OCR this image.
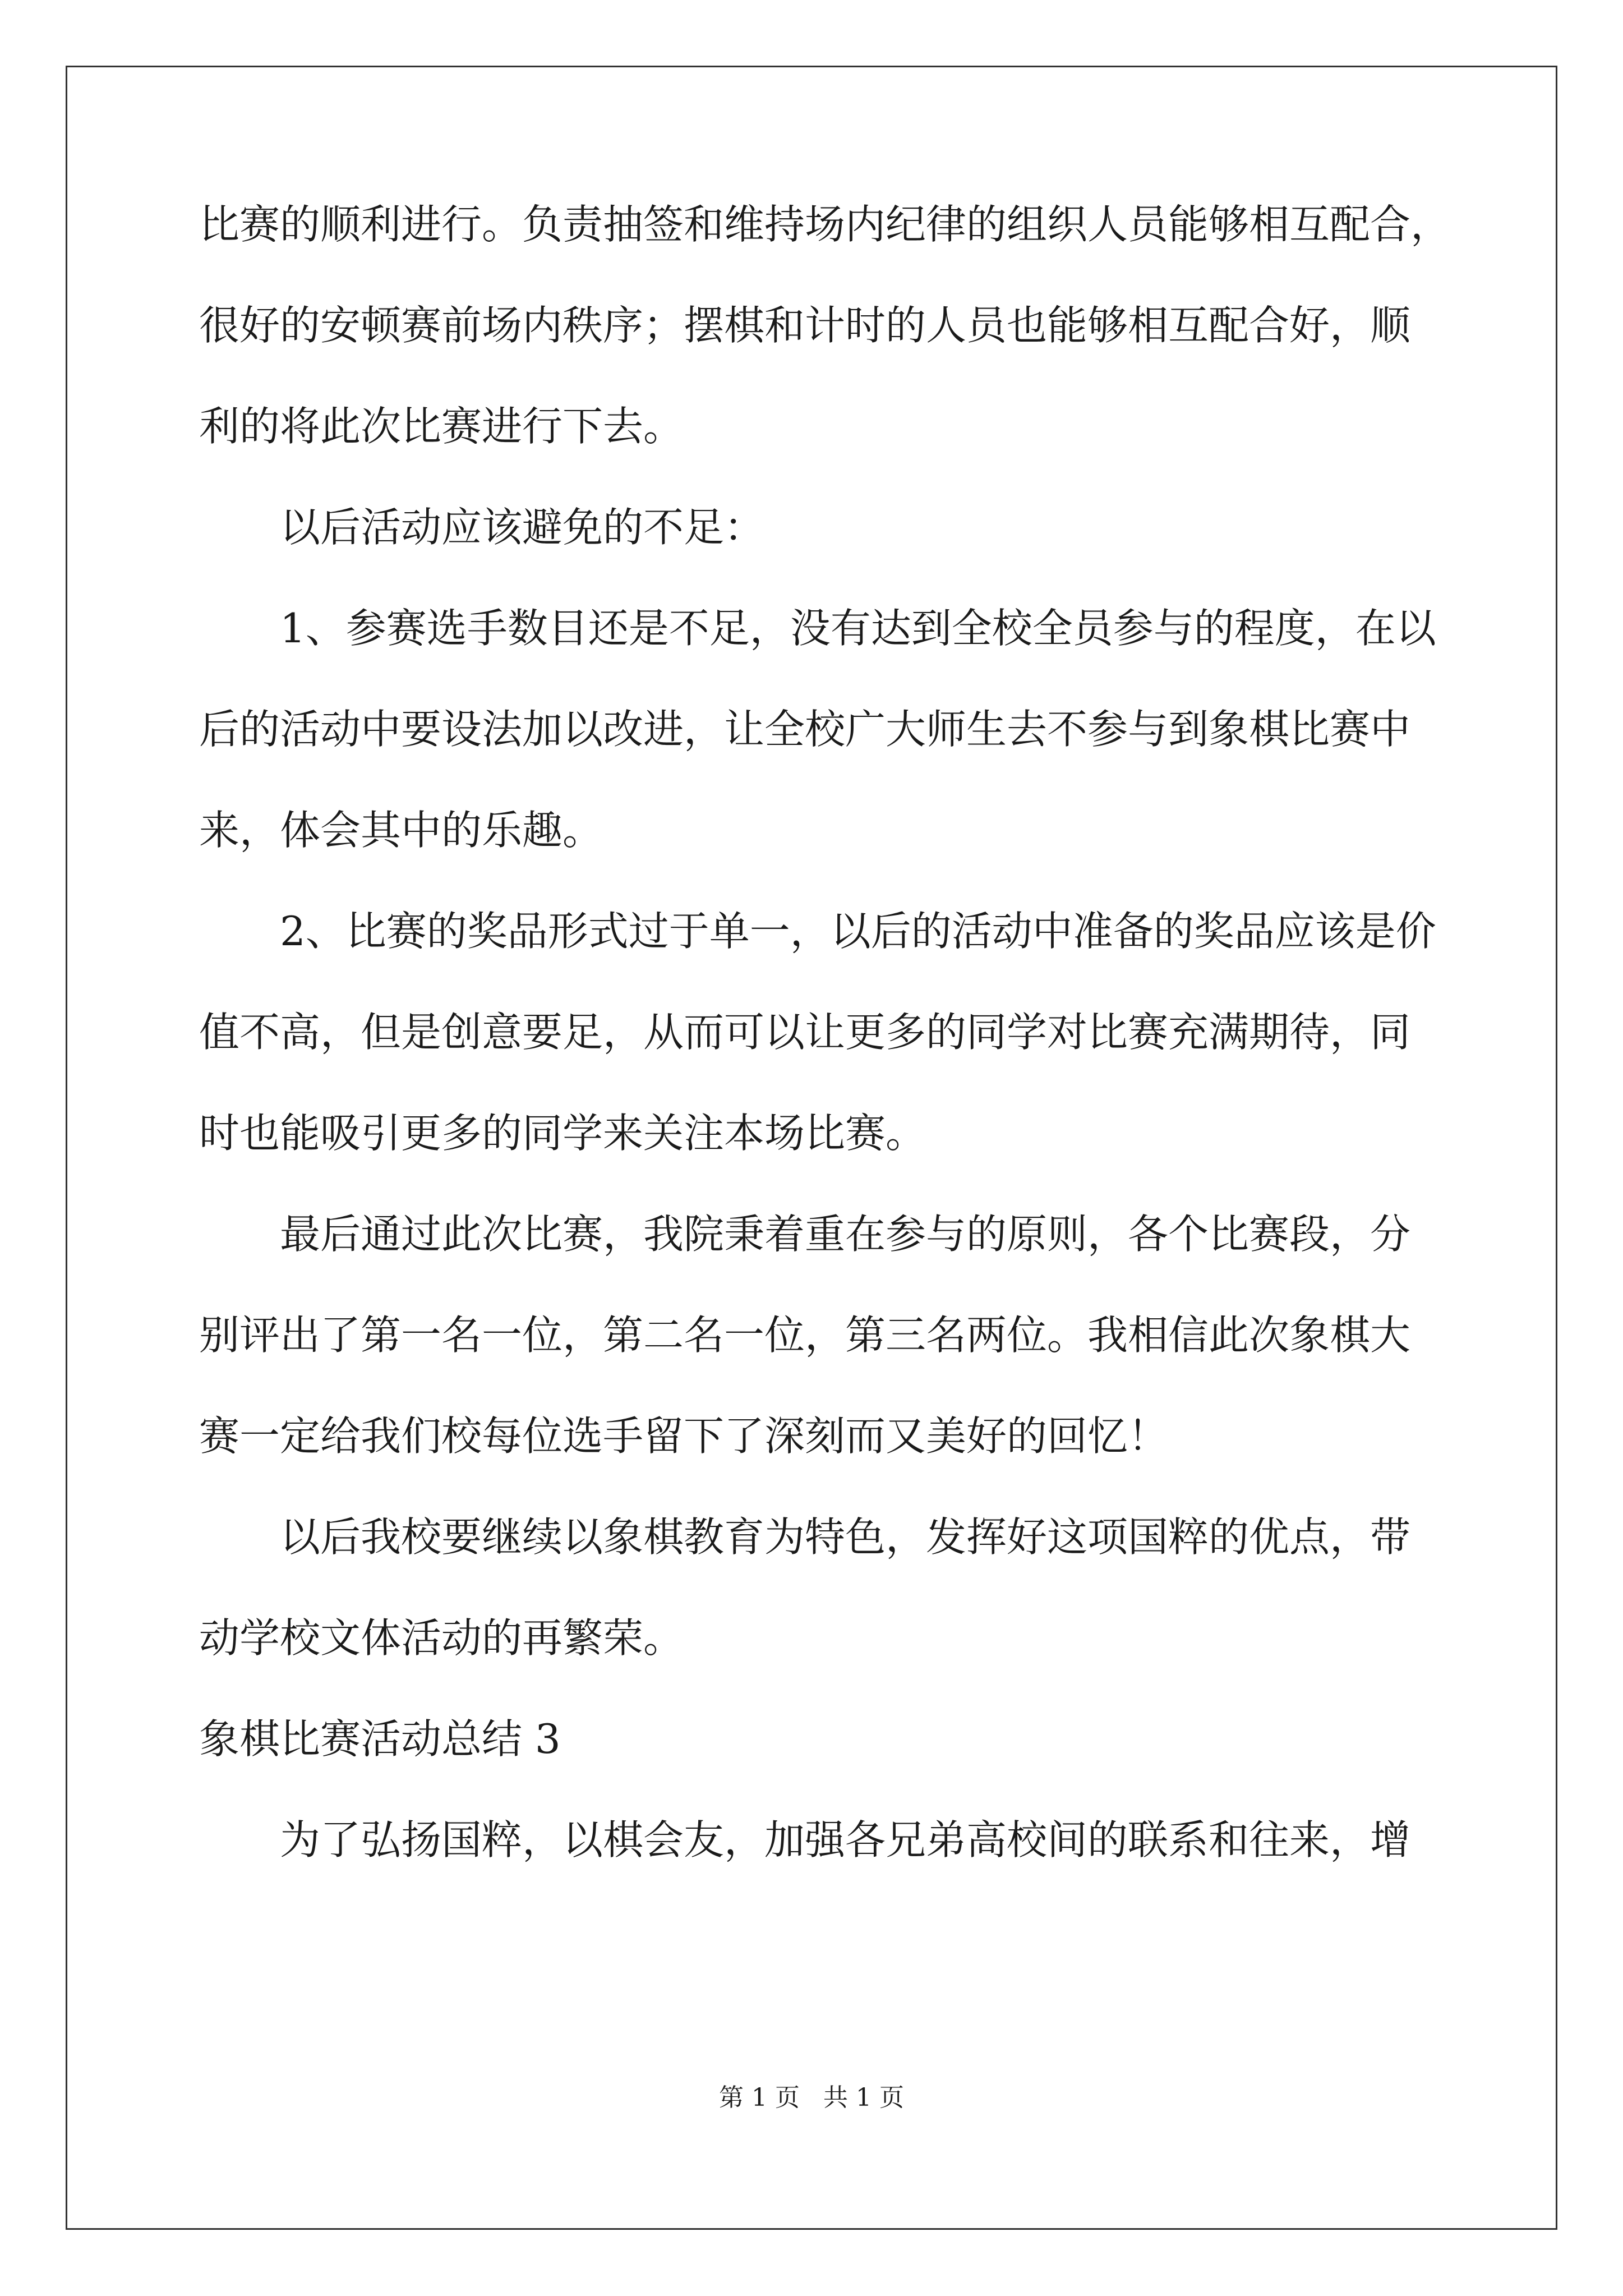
比赛的顺利进行。负责抽签和维持场内纪律的组织人员能够相互配合，
很好的安顿赛前场内秩序；摆棋和计时的人员也能够相互配合好，顺
利的将此次比赛进行下去。
以后活动应该避免的不足：
1、参赛选手数目还是不足，没有达到全校全员参与的程度，在以
后的活动中要设法加以改进，让全校广大师生去不参与到象棋比赛中
来，体会其中的乐趣。
2、比赛的奖品形式过于单一，以后的活动中准备的奖品应该是价
值不高，但是创意要足，从而可以让更多的同学对比赛充满期待，同
时也能吸引更多的同学来关注本场比赛。
最后通过此次比赛，我院秉着重在参与的原则，各个比赛段，分
别评出了第一名一位，第二名一位，第三名两位。我相信此次象棋大
赛一定给我们校每位选手留下了深刻而又美好的回忆！
以后我校要继续以象棋教育为特色，发挥好这项国粹的优点，带
动学校文体活动的再繁荣。
象棋比赛活动总结 3
为了弘扬国粹，以棋会友，加强各兄弟高校间的联系和往来，增
第 1 页   共 1 页
